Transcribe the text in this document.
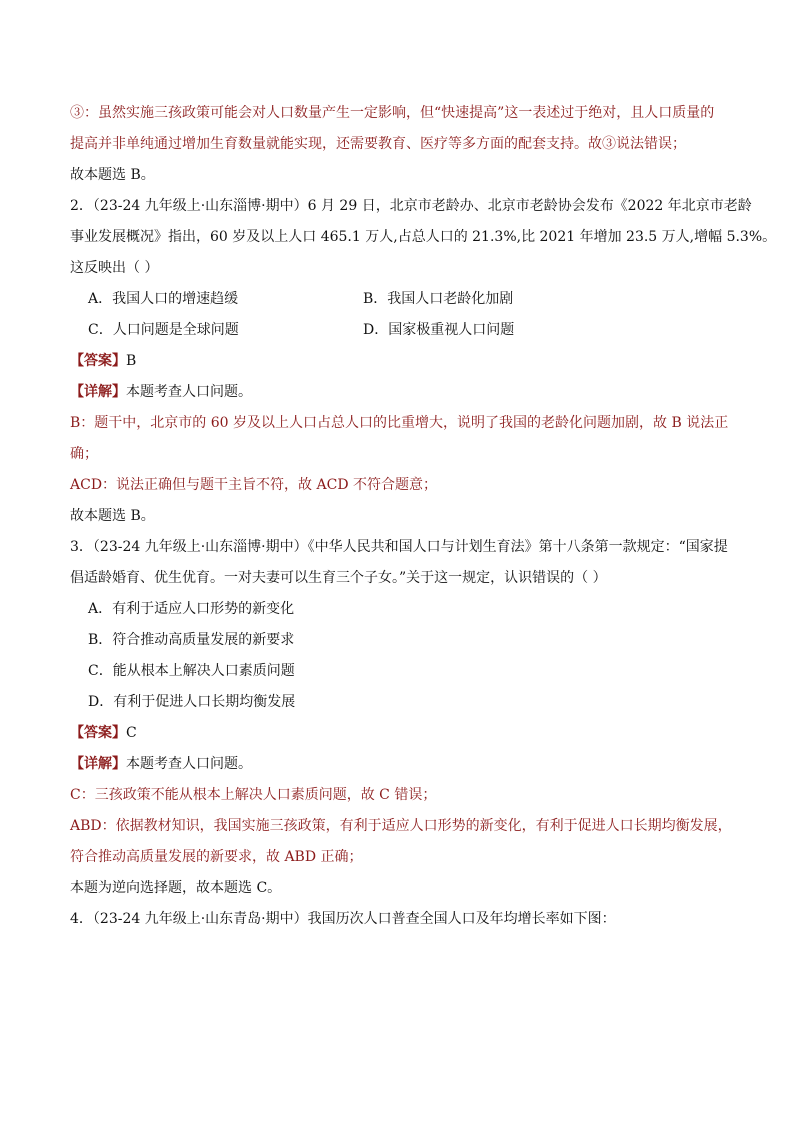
③：虽然实施三孩政策可能会对人口数量产生一定影响，但“快速提高”这一表述过于绝对，且人口质量的
提高并非单纯通过增加生育数量就能实现，还需要教育、医疗等多方面的配套支持。故③说法错误；
故本题选 B。
2．（23-24 九年级上·山东淄博·期中）6 月 29 日，北京市老龄办、北京市老龄协会发布《2022 年北京市老龄
事业发展概况》指出，60 岁及以上人口 465.1 万人,占总人口的 21.3%,比 2021 年增加 23.5 万人,增幅 5.3%。
这反映出（ ）
A．我国人口的增速趋缓	B．我国人口老龄化加剧
C．人口问题是全球问题	D．国家极重视人口问题
【答案】B
【详解】本题考查人口问题。
B：题干中，北京市的 60 岁及以上人口占总人口的比重增大，说明了我国的老龄化问题加剧，故 B 说法正
确；
ACD：说法正确但与题干主旨不符，故 ACD 不符合题意；
故本题选 B。
3．（23-24 九年级上·山东淄博·期中）《中华人民共和国人口与计划生育法》第十八条第一款规定：“国家提
倡适龄婚育、优生优育。一对夫妻可以生育三个子女。”关于这一规定，认识错误的（ ）
A．有利于适应人口形势的新变化
B．符合推动高质量发展的新要求
C．能从根本上解决人口素质问题
D．有利于促进人口长期均衡发展
【答案】C
【详解】本题考查人口问题。
C：三孩政策不能从根本上解决人口素质问题，故 C 错误；
ABD：依据教材知识，我国实施三孩政策，有利于适应人口形势的新变化，有利于促进人口长期均衡发展，
符合推动高质量发展的新要求，故 ABD 正确；
本题为逆向选择题，故本题选 C。
4．（23-24 九年级上·山东青岛·期中）我国历次人口普查全国人口及年均增长率如下图：
